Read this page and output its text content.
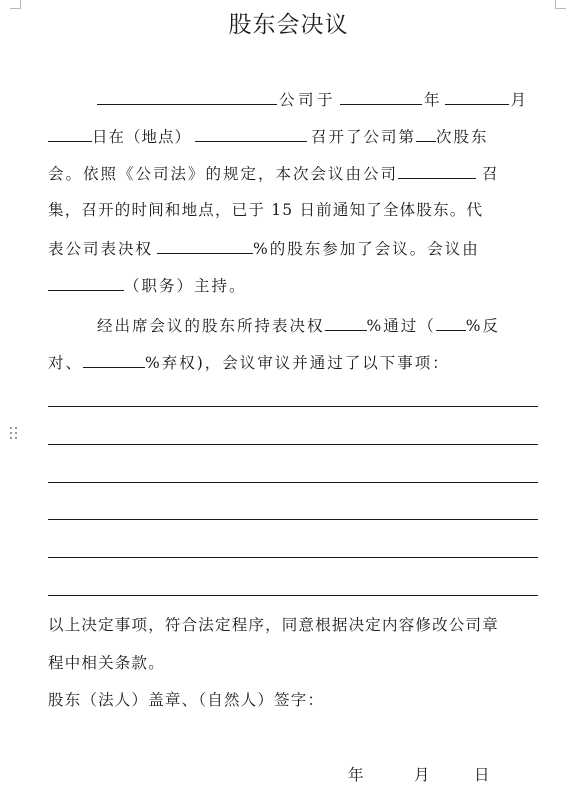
股东会决议
公司于	年	月
日在（地点）	召开了公司第 次股东
会。依照《公司法》的规定，本次会议由公司	召
集，召开的时间和地点，已于 15 日前通知了全体股东。代
表公司表决权	%的股东参加了会议。会议由
（职务）主持。
经出席会议的股东所持表决权	%通过（ %反
对、	%弃权)，会议审议并通过了以下事项：
以上决定事项，符合法定程序，同意根据决定内容修改公司章
程中相关条款。
股东（法人）盖章、（自然人）签字：
年	月	日
